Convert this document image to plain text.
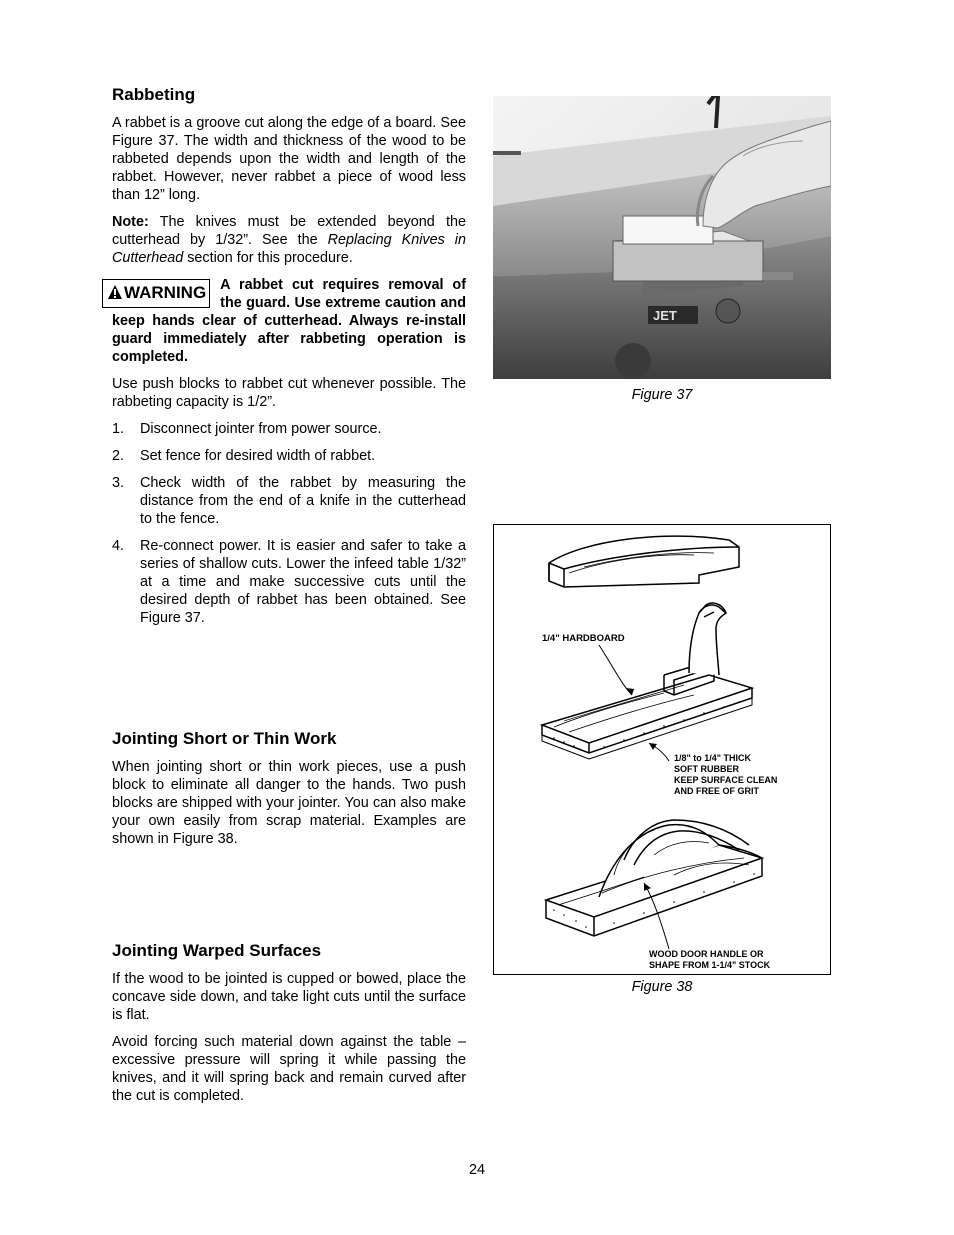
Rabbeting

A rabbet is a groove cut along the edge of a board. See Figure 37. The width and thickness of the wood to be rabbeted depends upon the width and length of the rabbet. However, never rabbet a piece of wood less than 12” long.

Note: The knives must be extended beyond the cutterhead by 1/32”. See the Replacing Knives in Cutterhead section for this procedure.

WARNING A rabbet cut requires removal of the guard. Use extreme caution and keep hands clear of cutterhead. Always re-install guard immediately after rabbeting operation is completed.

Use push blocks to rabbet cut whenever possible. The rabbeting capacity is 1/2”.

1. Disconnect jointer from power source.
2. Set fence for desired width of rabbet.
3. Check width of the rabbet by measuring the distance from the end of a knife in the cutterhead to the fence.
4. Re-connect power. It is easier and safer to take a series of shallow cuts. Lower the infeed table 1/32” at a time and make successive cuts until the desired depth of rabbet has been obtained. See Figure 37.
Jointing Short or Thin Work

When jointing short or thin work pieces, use a push block to eliminate all danger to the hands. Two push blocks are shipped with your jointer. You can also make your own easily from scrap material. Examples are shown in Figure 38.

Jointing Warped Surfaces

If the wood to be jointed is cupped or bowed, place the concave side down, and take light cuts until the surface is flat.

Avoid forcing such material down against the table – excessive pressure will spring it while passing the knives, and it will spring back and remain curved after the cut is completed.

JET
Figure 37
1/4" HARDBOARD
1/8" to 1/4" THICK
SOFT RUBBER
KEEP SURFACE CLEAN
AND FREE OF GRIT
WOOD DOOR HANDLE OR
SHAPE FROM 1-1/4" STOCK
Figure 38
24
